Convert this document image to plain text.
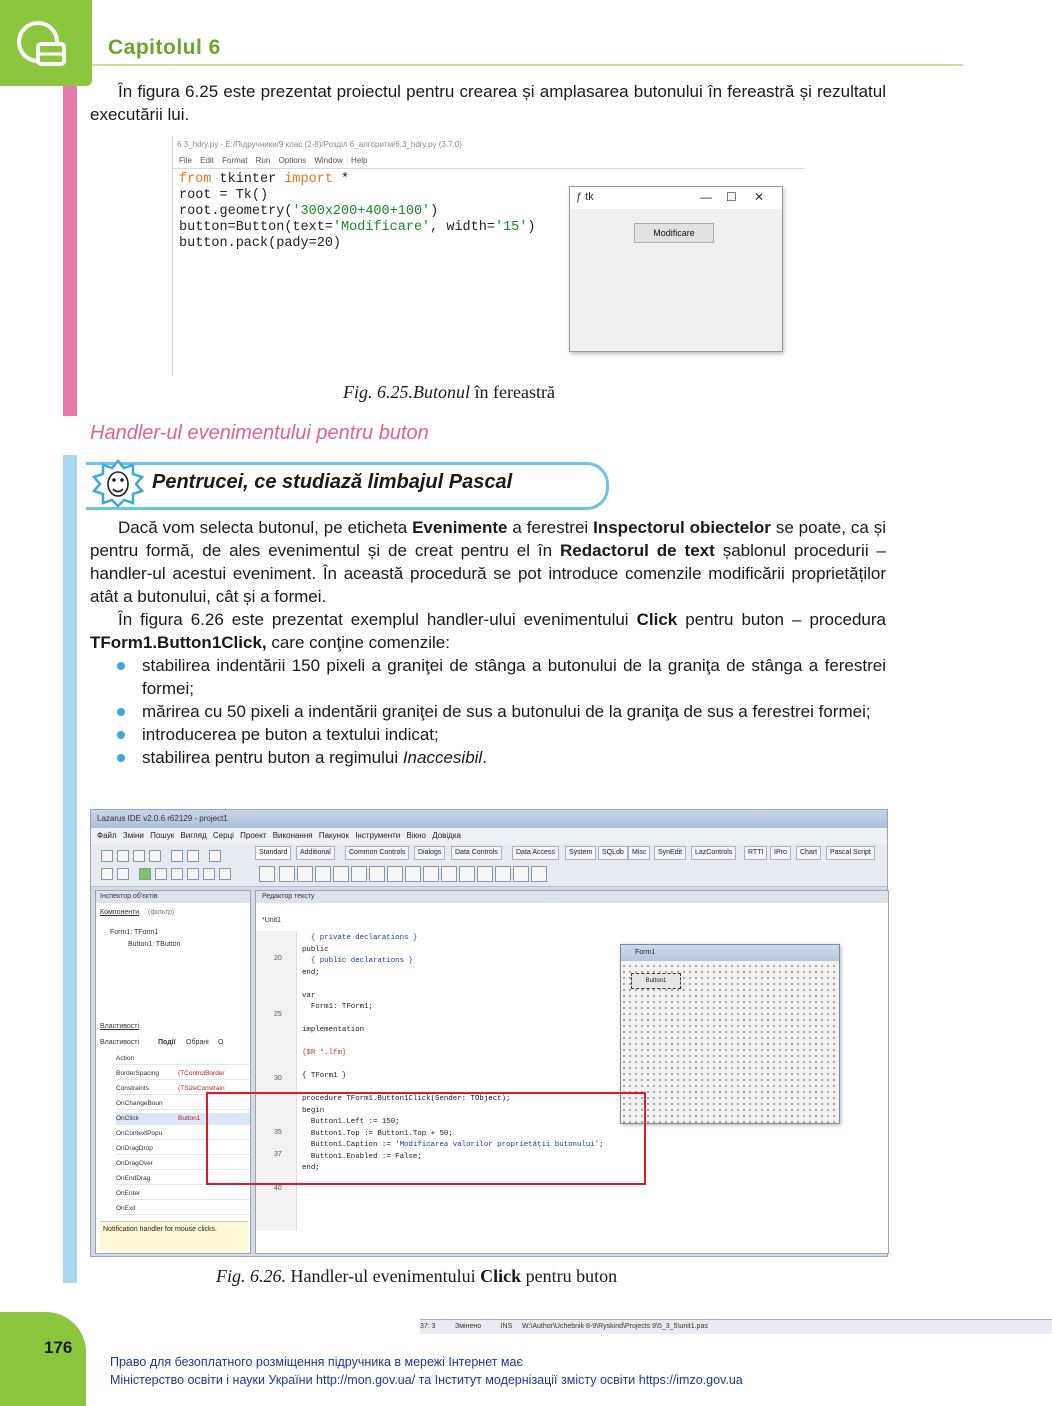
Capitolul 6
În figura 6.25 este prezentat proiectul pentru crearea și amplasarea butonului în fereastră și rezultatul executării lui.
6.3_hdry.py - E:/Підручники/9 клас (2-8)/Розділ 6_алгоритм/6.3_hdry.py (3.7.0)
File Edit Format Run Options Window Help
from tkinter import *
root = Tk()
root.geometry('300x200+400+100')
button=Button(text='Modificare', width='15')
button.pack(pady=20)
ƒ tk	— ☐ ✕
Modificare
Fig. 6.25.Butonul în fereastră
Handler-ul evenimentului pentru buton
Pentrucei, ce studiază limbajul Pascal
Dacă vom selecta butonul, pe eticheta Evenimente a ferestrei Inspectorul obiectelor se poate, ca și pentru formă, de ales evenimentul și de creat pentru el în Redactorul de text șablonul procedurii – handler-ul acestui eveniment. În această procedură se pot introduce comenzile modificării proprietăților atât a butonului, cât și a formei.
În figura 6.26 este prezentat exemplul handler-ului evenimentului Click pentru buton – procedura TForm1.Button1Click, care conţine comenzile:
stabilirea indentării 150 pixeli a graniţei de stânga a butonului de la graniţa de stânga a ferestrei formei;
mărirea cu 50 pixeli a indentării graniţei de sus a butonului de la graniţa de sus a ferestrei formei;
introducerea pe buton a textului indicat;
stabilirea pentru buton a regimului Inaccesibil.
Lazarus IDE v2.0.6 r62129 - project1
Файл Зміни Пошук Вигляд Серці Проект Виконання Пакунок Інструменти Вікно Довідка
Standard	Additional	Common Controls	Dialogs	Data Controls	Data Access	System	SQLdb	Misc	SynEdit	LazControls	RTTI	IPro	Chart	Pascal Script
Інспектор об'єктів
Компоненти (фільтр)
Form1: TForm1
Button1: TButton
Властивості
Властивості	Події Обрані О
Action
BorderSpacing	(TControlBorder
Constraints	(TSizeConstrain
OnChangeBoun
OnClick	Button1
OnContextPopu
OnDragDrop
OnDragOver
OnEndDrag
OnEnter
OnExit
Notification handler for mouse clicks.
Редактор тексту
*Unit1
20
25
30
35
37
40
{ private declarations }
public
{ public declarations }
end;

var
Form1: TForm1;

implementation

{$R *.lfm}

{ TForm1 }

procedure TForm1.Button1Click(Sender: TObject);
begin
Button1.Left := 150;
Button1.Top := Button1.Top + 50;
Button1.Caption := 'Modificarea valorilor proprietăţii butonului';
Button1.Enabled := False;
end;
37: 3          Змінено          INS     W:\Author\Uchebnik 8-9\Ryskind\Projects 9\5_3_5\unit1.pas
Form1
Button1
Fig. 6.26. Handler-ul evenimentului Click pentru buton
176
Право для безоплатного розміщення підручника в мережі Інтернет має
Міністерство освіти і науки України http://mon.gov.ua/ та Інститут модернізації змісту освіти https://imzo.gov.ua
